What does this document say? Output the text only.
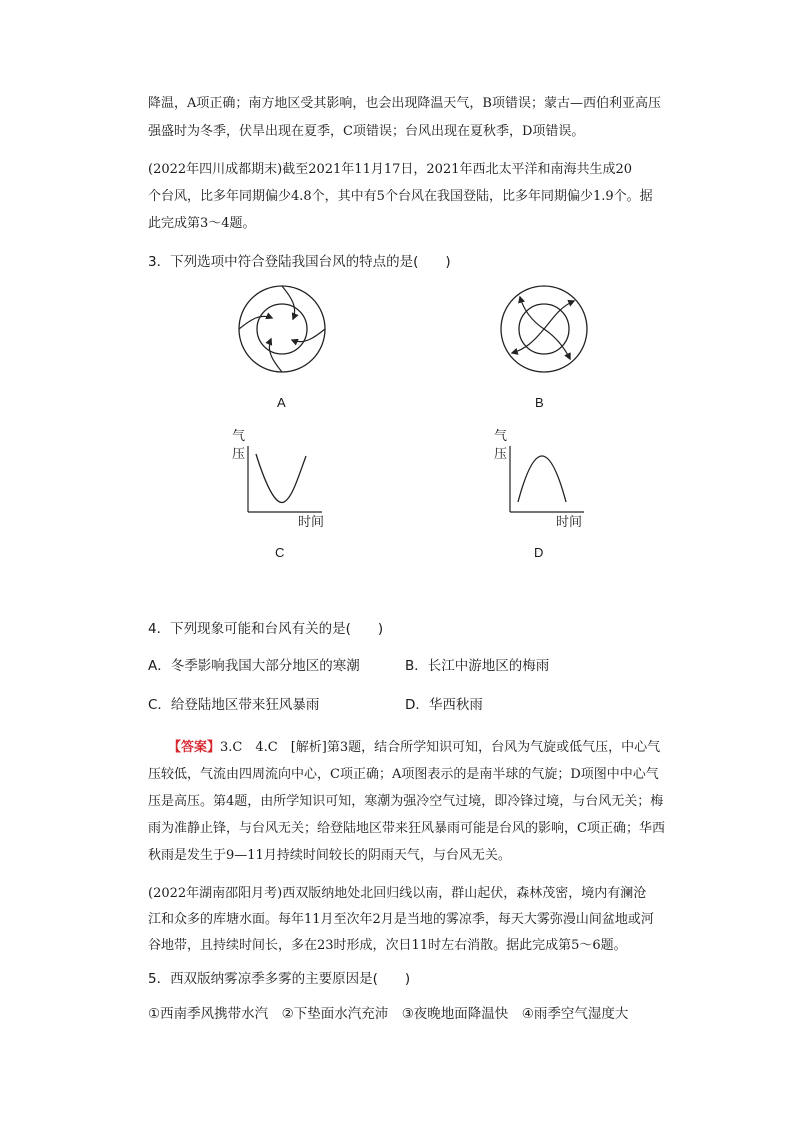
降温，A项正确；南方地区受其影响，也会出现降温天气，B项错误；蒙古—西伯利亚高压
强盛时为冬季，伏旱出现在夏季，C项错误；台风出现在夏秋季，D项错误。
(2022年四川成都期末)截至2021年11月17日，2021年西北太平洋和南海共生成20
个台风，比多年同期偏少4.8个，其中有5个台风在我国登陆，比多年同期偏少1.9个。据
此完成第3～4题。
3．下列选项中符合登陆我国台风的特点的是(　　)
A	B
气
压
时间
气
压
时间
C	D
4．下列现象可能和台风有关的是(　　)
A．冬季影响我国大部分地区的寒潮	B．长江中游地区的梅雨
C．给登陆地区带来狂风暴雨	D．华西秋雨
【答案】3.C　4.C　[解析]第3题，结合所学知识可知，台风为气旋或低气压，中心气
压较低，气流由四周流向中心，C项正确；A项图表示的是南半球的气旋；D项图中中心气
压是高压。第4题，由所学知识可知，寒潮为强冷空气过境，即冷锋过境，与台风无关；梅
雨为准静止锋，与台风无关；给登陆地区带来狂风暴雨可能是台风的影响，C项正确；华西
秋雨是发生于9—11月持续时间较长的阴雨天气，与台风无关。
(2022年湖南邵阳月考)西双版纳地处北回归线以南，群山起伏，森林茂密，境内有澜沧
江和众多的库塘水面。每年11月至次年2月是当地的雾凉季，每天大雾弥漫山间盆地或河
谷地带，且持续时间长，多在23时形成，次日11时左右消散。据此完成第5～6题。
5．西双版纳雾凉季多雾的主要原因是(　　)
①西南季风携带水汽　②下垫面水汽充沛　③夜晚地面降温快　④雨季空气湿度大
